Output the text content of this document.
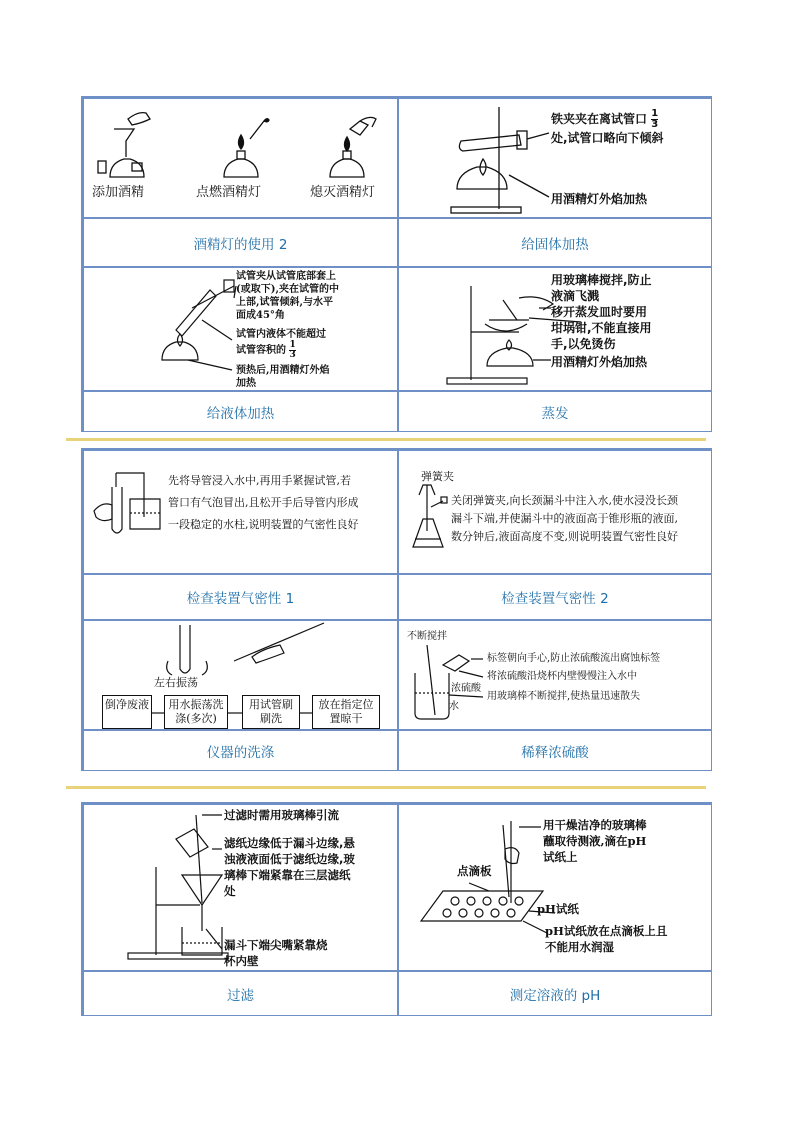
添加酒精	点燃酒精灯	熄灭酒精灯
铁夹夹在离试管口 $\frac{1}{3}$

处,试管口略向下倾斜
用酒精灯外焰加热
酒精灯的使用 2	给固体加热
试管夹从试管底部套上(或取下),夹在试管的中上部,试管倾斜,与水平面成45°角
试管内液体不能超过
试管容积的 $\frac{1}{3}$
预热后,用酒精灯外焰加热
用玻璃棒搅拌,防止液滴飞溅
移开蒸发皿时要用坩埚钳,不能直接用手,以免烫伤
用酒精灯外焰加热
给液体加热	蒸发
先将导管浸入水中,再用手紧握试管,若
管口有气泡冒出,且松开手后导管内形成
一段稳定的水柱,说明装置的气密性良好
弹簧夹
关闭弹簧夹,向长颈漏斗中注入水,使水浸没长颈
漏斗下端,并使漏斗中的液面高于锥形瓶的液面,
数分钟后,液面高度不变,则说明装置气密性良好
检查装置气密性 1	检查装置气密性 2
左右振荡
倒净废液	用水振荡洗涤(多次)
用试管刷刷洗
放在指定位置晾干
不断搅拌
浓硫酸
水
标签朝向手心,防止浓硫酸流出腐蚀标签
将浓硫酸沿烧杯内壁慢慢注入水中
用玻璃棒不断搅拌,使热量迅速散失
仪器的洗涤	稀释浓硫酸
过滤时需用玻璃棒引流
滤纸边缘低于漏斗边缘,悬浊液液面低于滤纸边缘,玻璃棒下端紧靠在三层滤纸处
漏斗下端尖嘴紧靠烧杯内壁
用干燥洁净的玻璃棒蘸取待测液,滴在pH试纸上
点滴板
pH试纸
pH试纸放在点滴板上且不能用水润湿
过滤	测定溶液的 pH
